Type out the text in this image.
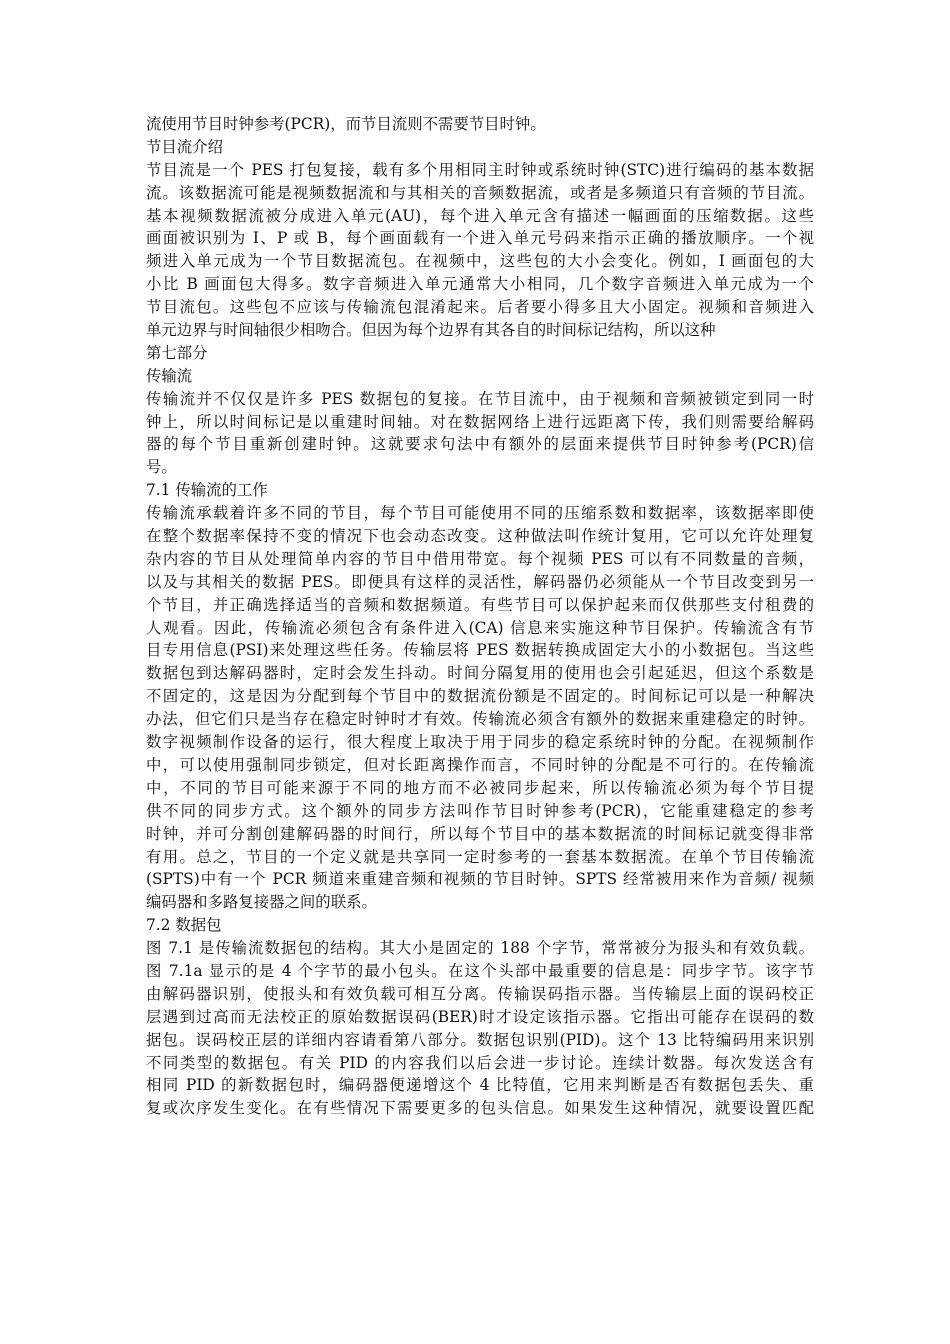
流使用节目时钟参考(PCR)，而节目流则不需要节目时钟。
节目流介绍
节目流是一个 PES 打包复接，载有多个用相同主时钟或系统时钟(STC)进行编码的基本数据
流。该数据流可能是视频数据流和与其相关的音频数据流，或者是多频道只有音频的节目流。
基本视频数据流被分成进入单元(AU)，每个进入单元含有描述一幅画面的压缩数据。这些
画面被识别为 I、P 或 B，每个画面载有一个进入单元号码来指示正确的播放顺序。一个视
频进入单元成为一个节目数据流包。在视频中，这些包的大小会变化。例如，I 画面包的大
小比 B 画面包大得多。数字音频进入单元通常大小相同，几个数字音频进入单元成为一个
节目流包。这些包不应该与传输流包混淆起来。后者要小得多且大小固定。视频和音频进入
单元边界与时间轴很少相吻合。但因为每个边界有其各自的时间标记结构，所以这种
第七部分
传输流
传输流并不仅仅是许多 PES 数据包的复接。在节目流中，由于视频和音频被锁定到同一时
钟上，所以时间标记是以重建时间轴。对在数据网络上进行远距离下传，我们则需要给解码
器的每个节目重新创建时钟。这就要求句法中有额外的层面来提供节目时钟参考(PCR)信
号。
7.1 传输流的工作
传输流承载着许多不同的节目，每个节目可能使用不同的压缩系数和数据率，该数据率即使
在整个数据率保持不变的情况下也会动态改变。这种做法叫作统计复用，它可以允许处理复
杂内容的节目从处理简单内容的节目中借用带宽。每个视频 PES 可以有不同数量的音频，
以及与其相关的数据 PES。即便具有这样的灵活性，解码器仍必须能从一个节目改变到另一
个节目，并正确选择适当的音频和数据频道。有些节目可以保护起来而仅供那些支付租费的
人观看。因此，传输流必须包含有条件进入(CA) 信息来实施这种节目保护。传输流含有节
目专用信息(PSI)来处理这些任务。传输层将 PES 数据转换成固定大小的小数据包。当这些
数据包到达解码器时，定时会发生抖动。时间分隔复用的使用也会引起延迟，但这个系数是
不固定的，这是因为分配到每个节目中的数据流份额是不固定的。时间标记可以是一种解决
办法，但它们只是当存在稳定时钟时才有效。传输流必须含有额外的数据来重建稳定的时钟。
数字视频制作设备的运行，很大程度上取决于用于同步的稳定系统时钟的分配。在视频制作
中，可以使用强制同步锁定，但对长距离操作而言，不同时钟的分配是不可行的。在传输流
中，不同的节目可能来源于不同的地方而不必被同步起来，所以传输流必须为每个节目提
供不同的同步方式。这个额外的同步方法叫作节目时钟参考(PCR)，它能重建稳定的参考
时钟，并可分割创建解码器的时间行，所以每个节目中的基本数据流的时间标记就变得非常
有用。总之，节目的一个定义就是共享同一定时参考的一套基本数据流。在单个节目传输流
(SPTS)中有一个 PCR 频道来重建音频和视频的节目时钟。SPTS 经常被用来作为音频/ 视频
编码器和多路复接器之间的联系。
7.2 数据包
图 7.1 是传输流数据包的结构。其大小是固定的 188 个字节，常常被分为报头和有效负载。
图 7.1a 显示的是 4 个字节的最小包头。在这个头部中最重要的信息是：同步字节。该字节
由解码器识别，使报头和有效负载可相互分离。传输误码指示器。当传输层上面的误码校正
层遇到过高而无法校正的原始数据误码(BER)时才设定该指示器。它指出可能存在误码的数
据包。误码校正层的详细内容请看第八部分。数据包识别(PID)。这个 13 比特编码用来识别
不同类型的数据包。有关 PID 的内容我们以后会进一步讨论。连续计数器。每次发送含有
相同 PID 的新数据包时，编码器便递增这个 4 比特值，它用来判断是否有数据包丢失、重
复或次序发生变化。在有些情况下需要更多的包头信息。如果发生这种情况，就要设置匹配
